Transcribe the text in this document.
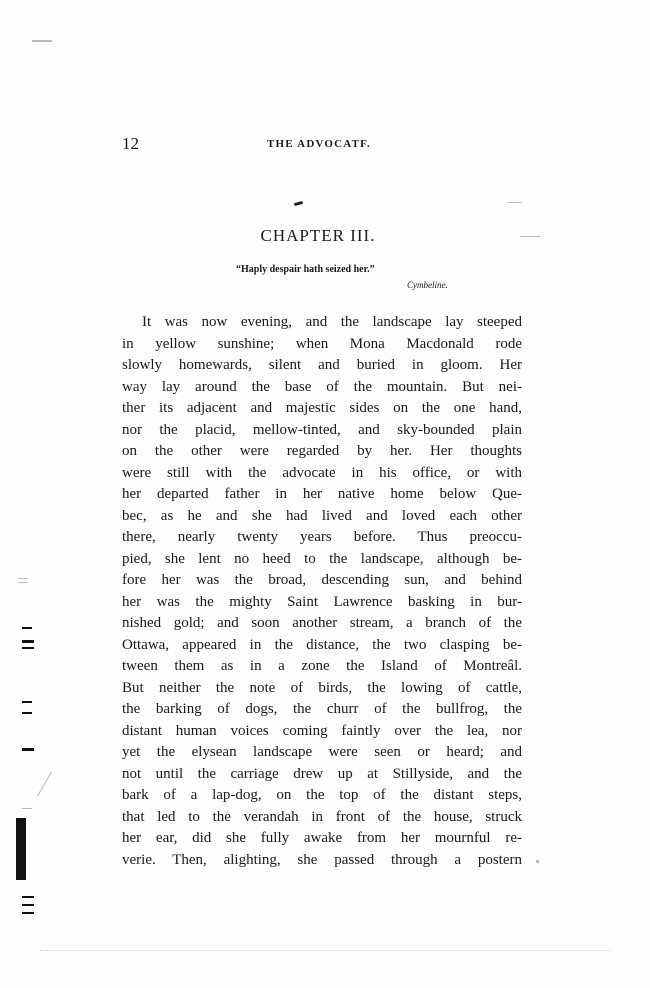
12	THE ADVOCATF.
CHAPTER III.
“Haply despair hath seized her.”
Cymbeline.
It was now evening, and the landscape lay steeped
in yellow sunshine; when Mona Macdonald rode
slowly homewards, silent and buried in gloom. Her
way lay around the base of the mountain. But nei-
ther its adjacent and majestic sides on the one hand,
nor the placid, mellow-tinted, and sky-bounded plain
on the other were regarded by her. Her thoughts
were still with the advocate in his office, or with
her departed father in her native home below Que-
bec, as he and she had lived and loved each other
there, nearly twenty years before. Thus preoccu-
pied, she lent no heed to the landscape, although be-
fore her was the broad, descending sun, and behind
her was the mighty Saint Lawrence basking in bur-
nished gold; and soon another stream, a branch of the
Ottawa, appeared in the distance, the two clasping be-
tween them as in a zone the Island of Montreâl.
But neither the note of birds, the lowing of cattle,
the barking of dogs, the churr of the bullfrog, the
distant human voices coming faintly over the lea, nor
yet the elysean landscape were seen or heard; and
not until the carriage drew up at Stillyside, and the
bark of a lap-dog, on the top of the distant steps,
that led to the verandah in front of the house, struck
her ear, did she fully awake from her mournful re-
verie. Then, alighting, she passed through a postern
